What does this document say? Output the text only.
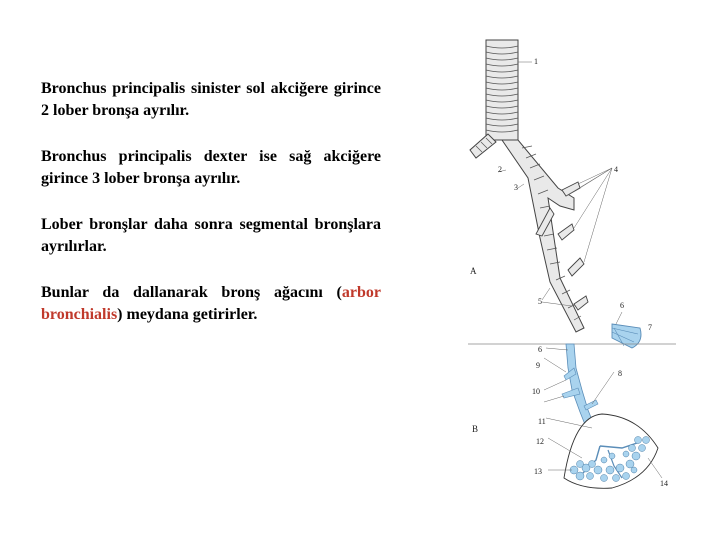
Bronchus principalis sinister sol akciğere girince 2 lober bronşa ayrılır.

Bronchus principalis dexter ise sağ akciğere girince 3 lober bronşa ayrılır.

Lober bronşlar daha sonra segmental bronşlara ayrılırlar.

Bunlar da dallanarak bronş ağacını (arbor bronchialis) meydana getirirler.

1
2
3
4
A
5	6
7
6
9
8
10
11
B
12
13
14
